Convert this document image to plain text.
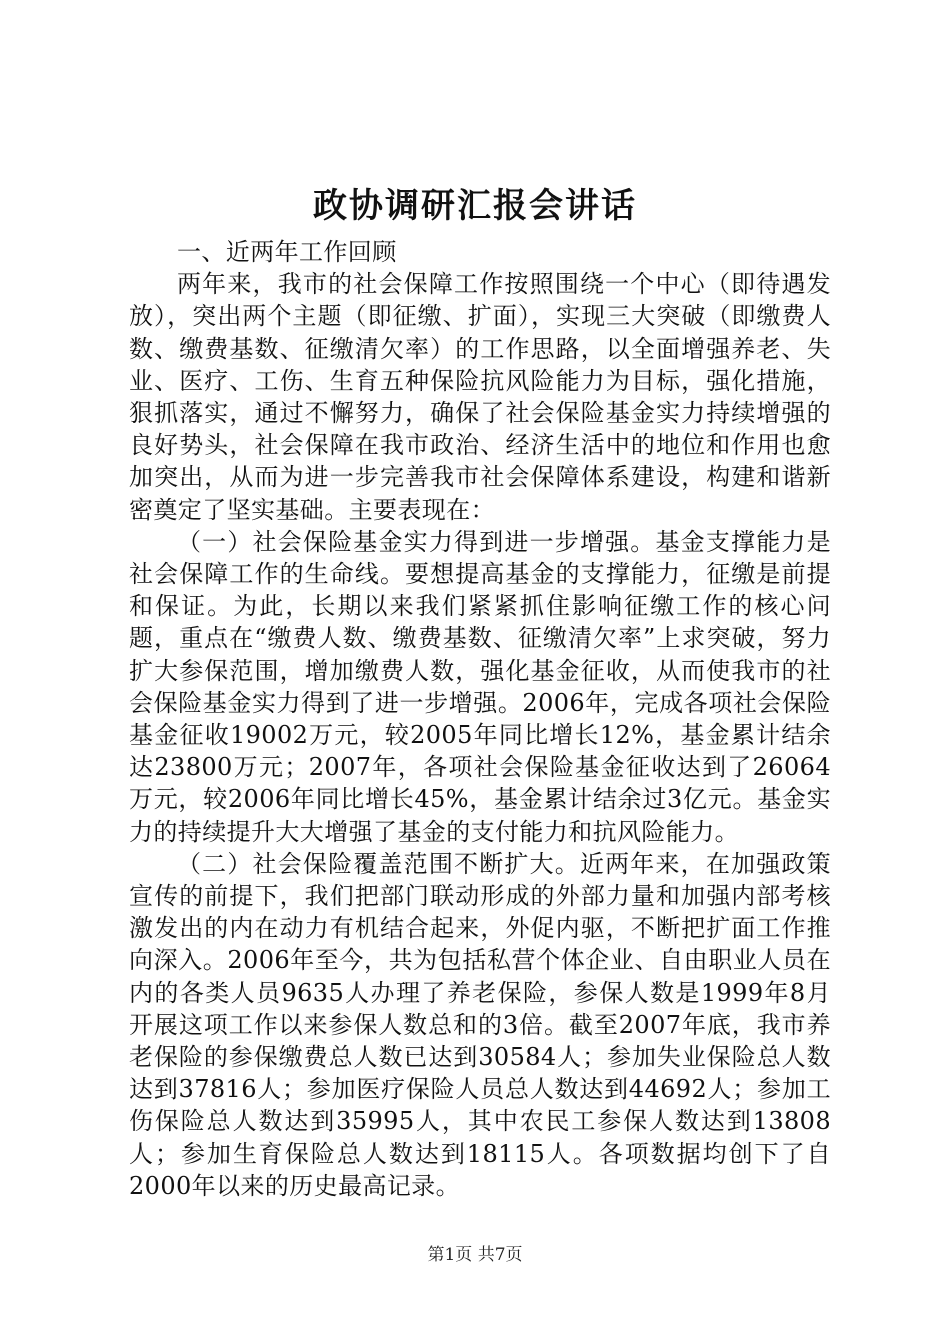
政协调研汇报会讲话

一、近两年工作回顾

两年来，我市的社会保障工作按照围绕一个中心（即待遇发放），突出两个主题（即征缴、扩面），实现三大突破（即缴费人数、缴费基数、征缴清欠率）的工作思路，以全面增强养老、失业、医疗、工伤、生育五种保险抗风险能力为目标，强化措施，狠抓落实，通过不懈努力，确保了社会保险基金实力持续增强的良好势头，社会保障在我市政治、经济生活中的地位和作用也愈加突出，从而为进一步完善我市社会保障体系建设，构建和谐新密奠定了坚实基础。主要表现在：

（一）社会保险基金实力得到进一步增强。基金支撑能力是社会保障工作的生命线。要想提高基金的支撑能力，征缴是前提和保证。为此，长期以来我们紧紧抓住影响征缴工作的核心问题，重点在“缴费人数、缴费基数、征缴清欠率”上求突破，努力扩大参保范围，增加缴费人数，强化基金征收，从而使我市的社会保险基金实力得到了进一步增强。2006年，完成各项社会保险基金征收19002万元，较2005年同比增长12%，基金累计结余达23800万元；2007年，各项社会保险基金征收达到了26064万元，较2006年同比增长45%，基金累计结余过3亿元。基金实力的持续提升大大增强了基金的支付能力和抗风险能力。

（二）社会保险覆盖范围不断扩大。近两年来，在加强政策宣传的前提下，我们把部门联动形成的外部力量和加强内部考核激发出的内在动力有机结合起来，外促内驱，不断把扩面工作推向深入。2006年至今，共为包括私营个体企业、自由职业人员在内的各类人员9635人办理了养老保险，参保人数是1999年8月开展这项工作以来参保人数总和的3倍。截至2007年底，我市养老保险的参保缴费总人数已达到30584人；参加失业保险总人数达到37816人；参加医疗保险人员总人数达到44692人；参加工伤保险总人数达到35995人，其中农民工参保人数达到13808人；参加生育保险总人数达到18115人。各项数据均创下了自2000年以来的历史最高记录。

第1页 共7页
